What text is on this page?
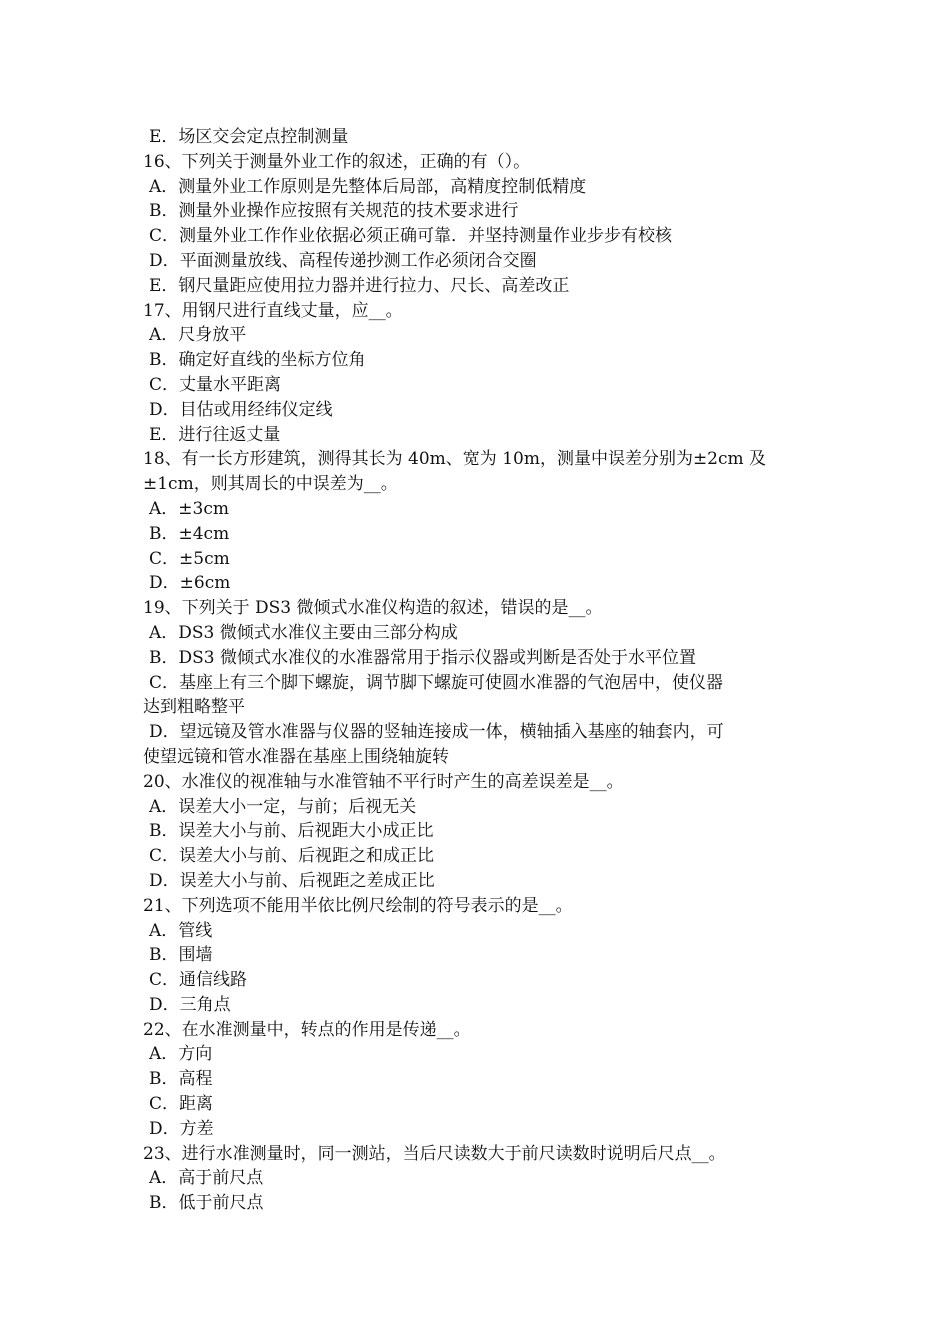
E．场区交会定点控制测量

16、下列关于测量外业工作的叙述，正确的有（）。

A．测量外业工作原则是先整体后局部，高精度控制低精度

B．测量外业操作应按照有关规范的技术要求进行

C．测量外业工作作业依据必须正确可靠．并坚持测量作业步步有校核

D．平面测量放线、高程传递抄测工作必须闭合交圈

E．钢尺量距应使用拉力器并进行拉力、尺长、高差改正

17、用钢尺进行直线丈量，应__。

A．尺身放平

B．确定好直线的坐标方位角

C．丈量水平距离

D．目估或用经纬仪定线

E．进行往返丈量

18、有一长方形建筑，测得其长为 40m、宽为 10m，测量中误差分别为±2cm 及

±1cm，则其周长的中误差为__。

A．±3cm

B．±4cm

C．±5cm

D．±6cm

19、下列关于 DS3 微倾式水准仪构造的叙述，错误的是__。

A．DS3 微倾式水准仪主要由三部分构成

B．DS3 微倾式水准仪的水准器常用于指示仪器或判断是否处于水平位置

C．基座上有三个脚下螺旋，调节脚下螺旋可使圆水准器的气泡居中，使仪器

达到粗略整平

D．望远镜及管水准器与仪器的竖轴连接成一体，横轴插入基座的轴套内，可

使望远镜和管水准器在基座上围绕轴旋转

20、水准仪的视准轴与水准管轴不平行时产生的高差误差是__。

A．误差大小一定，与前；后视无关

B．误差大小与前、后视距大小成正比

C．误差大小与前、后视距之和成正比

D．误差大小与前、后视距之差成正比

21、下列选项不能用半依比例尺绘制的符号表示的是__。

A．管线

B．围墙

C．通信线路

D．三角点

22、在水准测量中，转点的作用是传递__。

A．方向

B．高程

C．距离

D．方差

23、进行水准测量时，同一测站，当后尺读数大于前尺读数时说明后尺点__。

A．高于前尺点

B．低于前尺点
